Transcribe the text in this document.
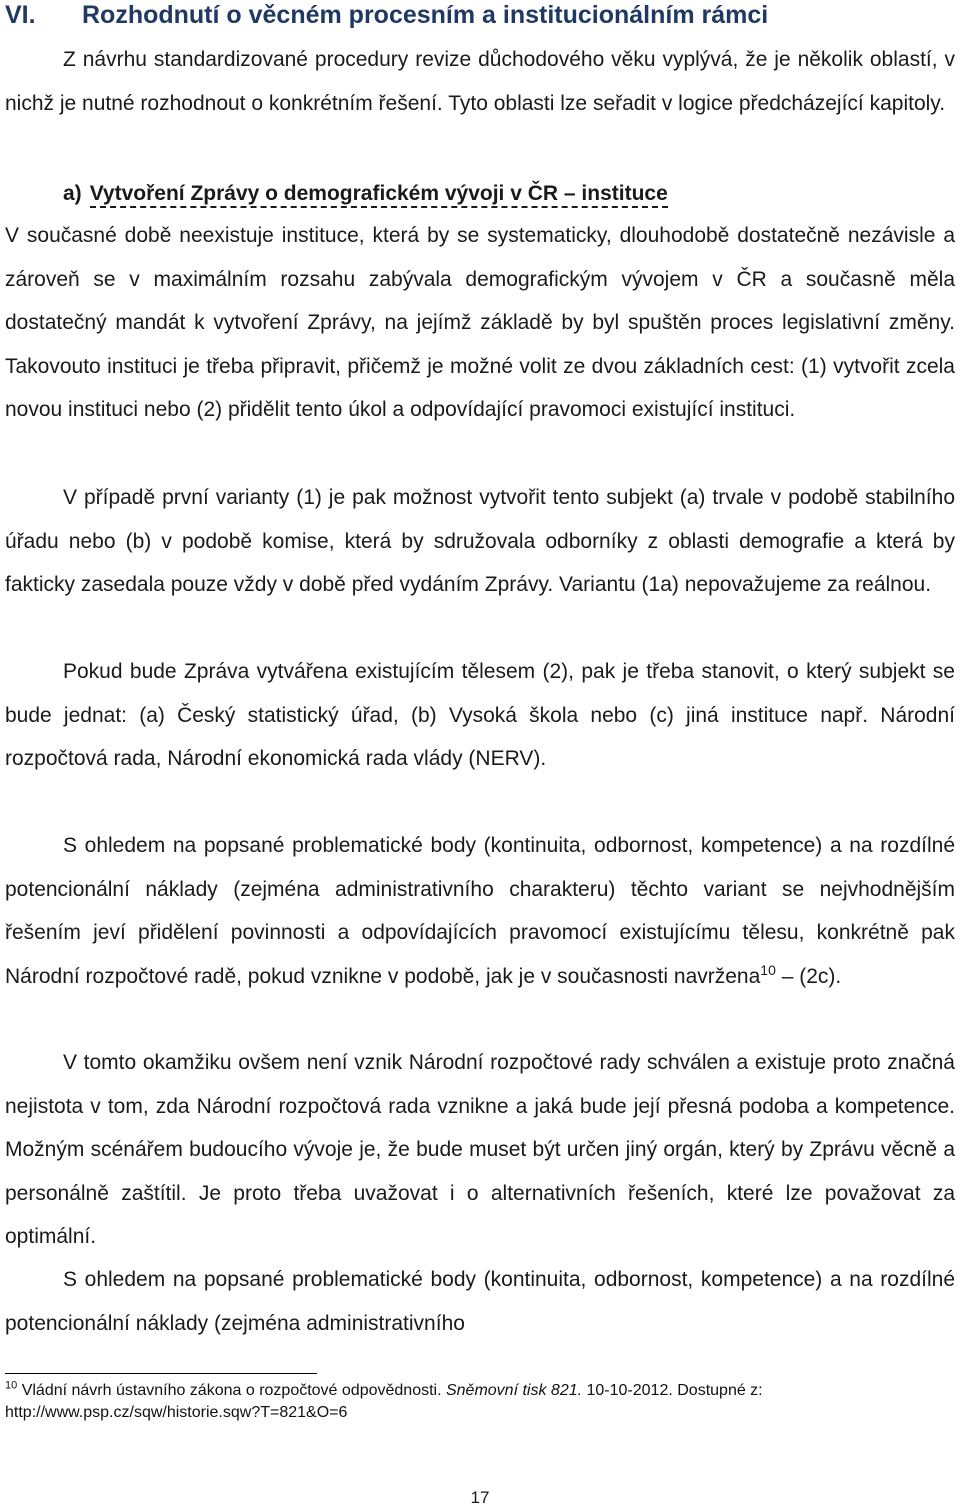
VI. Rozhodnutí o věcném procesním a institucionálním rámci

Z návrhu standardizované procedury revize důchodového věku vyplývá, že je několik oblastí, v nichž je nutné rozhodnout o konkrétním řešení. Tyto oblasti lze seřadit v logice předcházející kapitoly.

a) Vytvoření Zprávy o demografickém vývoji v ČR – instituce

V současné době neexistuje instituce, která by se systematicky, dlouhodobě dostatečně nezávisle a zároveň se v maximálním rozsahu zabývala demografickým vývojem v ČR a současně měla dostatečný mandát k vytvoření Zprávy, na jejímž základě by byl spuštěn proces legislativní změny. Takovouto instituci je třeba připravit, přičemž je možné volit ze dvou základních cest: (1) vytvořit zcela novou instituci nebo (2) přidělit tento úkol a odpovídající pravomoci existující instituci.

V případě první varianty (1) je pak možnost vytvořit tento subjekt (a) trvale v podobě stabilního úřadu nebo (b) v podobě komise, která by sdružovala odborníky z oblasti demografie a která by fakticky zasedala pouze vždy v době před vydáním Zprávy. Variantu (1a) nepovažujeme za reálnou.

Pokud bude Zpráva vytvářena existujícím tělesem (2), pak je třeba stanovit, o který subjekt se bude jednat: (a) Český statistický úřad, (b) Vysoká škola nebo (c) jiná instituce např. Národní rozpočtová rada, Národní ekonomická rada vlády (NERV).

S ohledem na popsané problematické body (kontinuita, odbornost, kompetence) a na rozdílné potencionální náklady (zejména administrativního charakteru) těchto variant se nejvhodnějším řešením jeví přidělení povinnosti a odpovídajících pravomocí existujícímu tělesu, konkrétně pak Národní rozpočtové radě, pokud vznikne v podobě, jak je v současnosti navržena$^{10}$ – (2c).

V tomto okamžiku ovšem není vznik Národní rozpočtové rady schválen a existuje proto značná nejistota v tom, zda Národní rozpočtová rada vznikne a jaká bude její přesná podoba a kompetence. Možným scénářem budoucího vývoje je, že bude muset být určen jiný orgán, který by Zprávu věcně a personálně zaštítil. Je proto třeba uvažovat i o alternativních řešeních, které lze považovat za optimální.

S ohledem na popsané problematické body (kontinuita, odbornost, kompetence) a na rozdílné potencionální náklady (zejména administrativního

$^{10}$ Vládní návrh ústavního zákona o rozpočtové odpovědnosti. Sněmovní tisk 821. 10-10-2012. Dostupné z: http://www.psp.cz/sqw/historie.sqw?T=821&O=6
17
